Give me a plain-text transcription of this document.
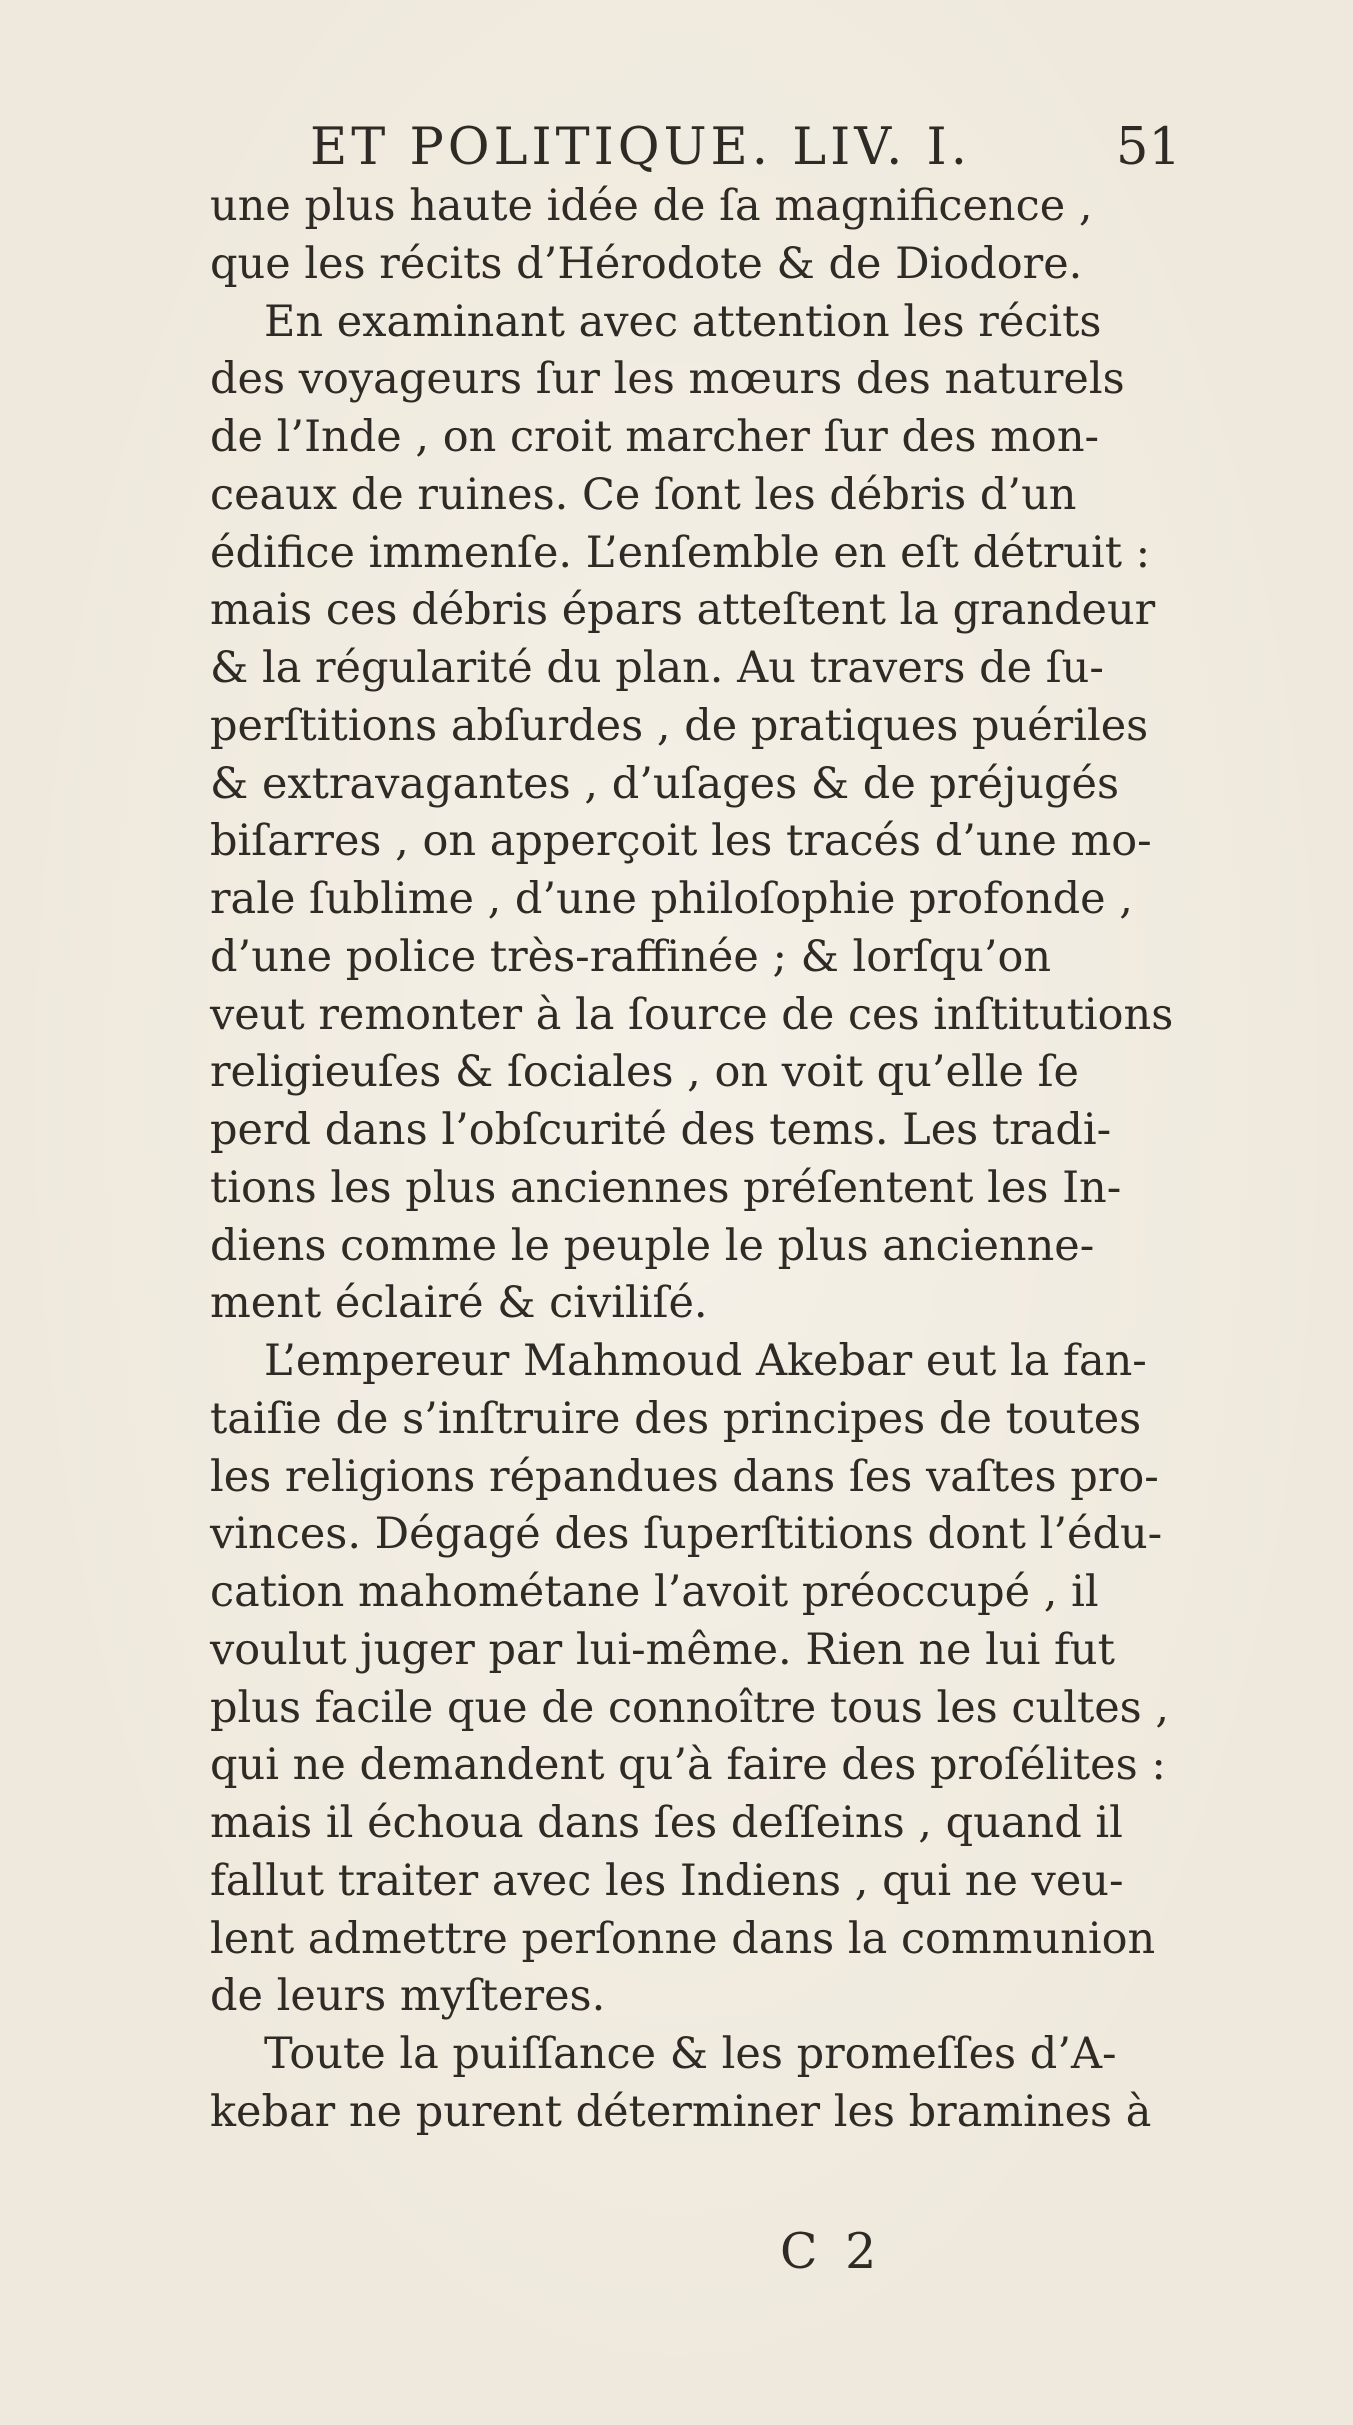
ET POLITIQUE. LIV. I.	51
une plus haute idée de ſa magnificence ,
que les récits d’Hérodote & de Diodore.
En examinant avec attention les récits
des voyageurs ſur les mœurs des naturels
de l’Inde , on croit marcher ſur des mon-
ceaux de ruines. Ce ſont les débris d’un
édifice immenſe. L’enſemble en eſt détruit :
mais ces débris épars atteſtent la grandeur
& la régularité du plan. Au travers de ſu-
perſtitions abſurdes , de pratiques puériles
& extravagantes , d’uſages & de préjugés
biſarres , on apperçoit les tracés d’une mo-
rale ſublime , d’une philoſophie profonde ,
d’une police très-raffinée ; & lorſqu’on
veut remonter à la ſource de ces inſtitutions
religieuſes & ſociales , on voit qu’elle ſe
perd dans l’obſcurité des tems. Les tradi-
tions les plus anciennes préſentent les In-
diens comme le peuple le plus ancienne-
ment éclairé & civiliſé.
L’empereur Mahmoud Akebar eut la fan-
taiſie de s’inſtruire des principes de toutes
les religions répandues dans ſes vaſtes pro-
vinces. Dégagé des ſuperſtitions dont l’édu-
cation mahométane l’avoit préoccupé , il
voulut juger par lui-même. Rien ne lui fut
plus facile que de connoître tous les cultes ,
qui ne demandent qu’à faire des proſélites :
mais il échoua dans ſes deſſeins , quand il
fallut traiter avec les Indiens , qui ne veu-
lent admettre perſonne dans la communion
de leurs myſteres.
Toute la puiſſance & les promeſſes d’A-
kebar ne purent déterminer les bramines à
C 2
